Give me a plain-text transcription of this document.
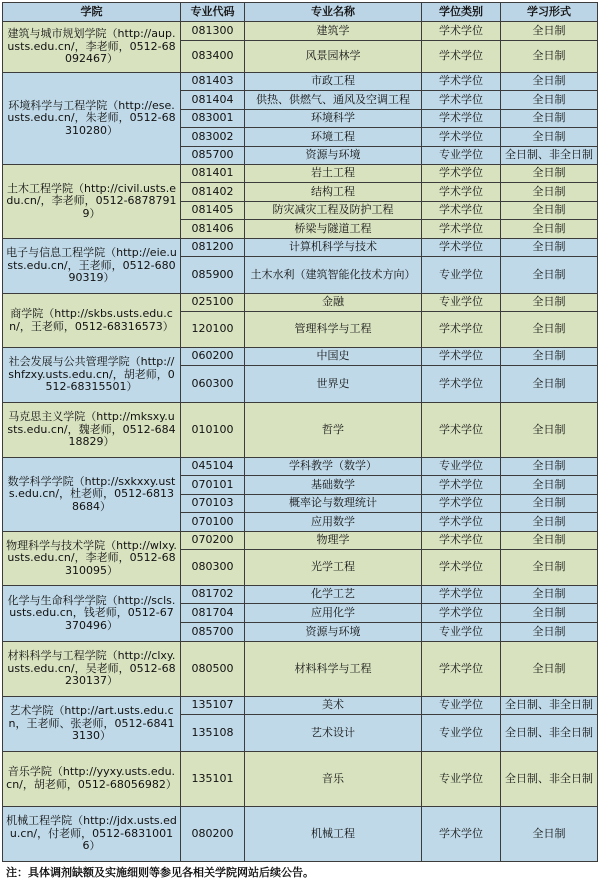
学院	专业代码	专业名称	学位类别	学习形式
建筑与城市规划学院（http://aup.usts.edu.cn/，李老师，0512-68092467）	081300	建筑学	学术学位	全日制
	083400	风景园林学	学术学位	全日制
环境科学与工程学院（http://ese.usts.edu.cn/，朱老师，0512-68310280）	081403	市政工程	学术学位	全日制
	081404	供热、供燃气、通风及空调工程	学术学位	全日制
	083001	环境科学	学术学位	全日制
	083002	环境工程	学术学位	全日制
	085700	资源与环境	专业学位	全日制、非全日制
土木工程学院（http://civil.usts.edu.cn/，李老师，0512-68787919）	081401	岩土工程	学术学位	全日制
	081402	结构工程	学术学位	全日制
	081405	防灾减灾工程及防护工程	学术学位	全日制
	081406	桥梁与隧道工程	学术学位	全日制
电子与信息工程学院（http://eie.usts.edu.cn/，王老师，0512-68090319）	081200	计算机科学与技术	学术学位	全日制
	085900	土木水利（建筑智能化技术方向）	专业学位	全日制
商学院（http://skbs.usts.edu.cn/，王老师，0512-68316573）	025100	金融	专业学位	全日制
	120100	管理科学与工程	学术学位	全日制
社会发展与公共管理学院（http://shfzxy.usts.edu.cn/，胡老师，0512-68315501）	060200	中国史	学术学位	全日制
	060300	世界史	学术学位	全日制
马克思主义学院（http://mksxy.usts.edu.cn/，魏老师，0512-68418829）	010100	哲学	学术学位	全日制
数学科学学院（http://sxkxxy.usts.edu.cn/，杜老师，0512-68138684）	045104	学科教学（数学）	专业学位	全日制
	070101	基础数学	学术学位	全日制
	070103	概率论与数理统计	学术学位	全日制
	070100	应用数学	学术学位	全日制
物理科学与技术学院（http://wlxy.usts.edu.cn/，李老师，0512-68310095）	070200	物理学	学术学位	全日制
	080300	光学工程	学术学位	全日制
化学与生命科学学院（http://scls.usts.edu.cn，钱老师，0512-67370496）	081702	化学工艺	学术学位	全日制
	081704	应用化学	学术学位	全日制
	085700	资源与环境	专业学位	全日制
材料科学与工程学院（http://clxy.usts.edu.cn/，吴老师，0512-68230137）	080500	材料科学与工程	学术学位	全日制
艺术学院（http://art.usts.edu.cn，王老师、张老师，0512-68413130）	135107	美术	专业学位	全日制、非全日制
	135108	艺术设计	专业学位	全日制、非全日制
音乐学院（http://yyxy.usts.edu.cn/，胡老师，0512-68056982）	135101	音乐	专业学位	全日制、非全日制
机械工程学院（http://jdx.usts.edu.cn/，付老师，0512-68310016）	080200	机械工程	学术学位	全日制
注：具体调剂缺额及实施细则等参见各相关学院网站后续公告。
